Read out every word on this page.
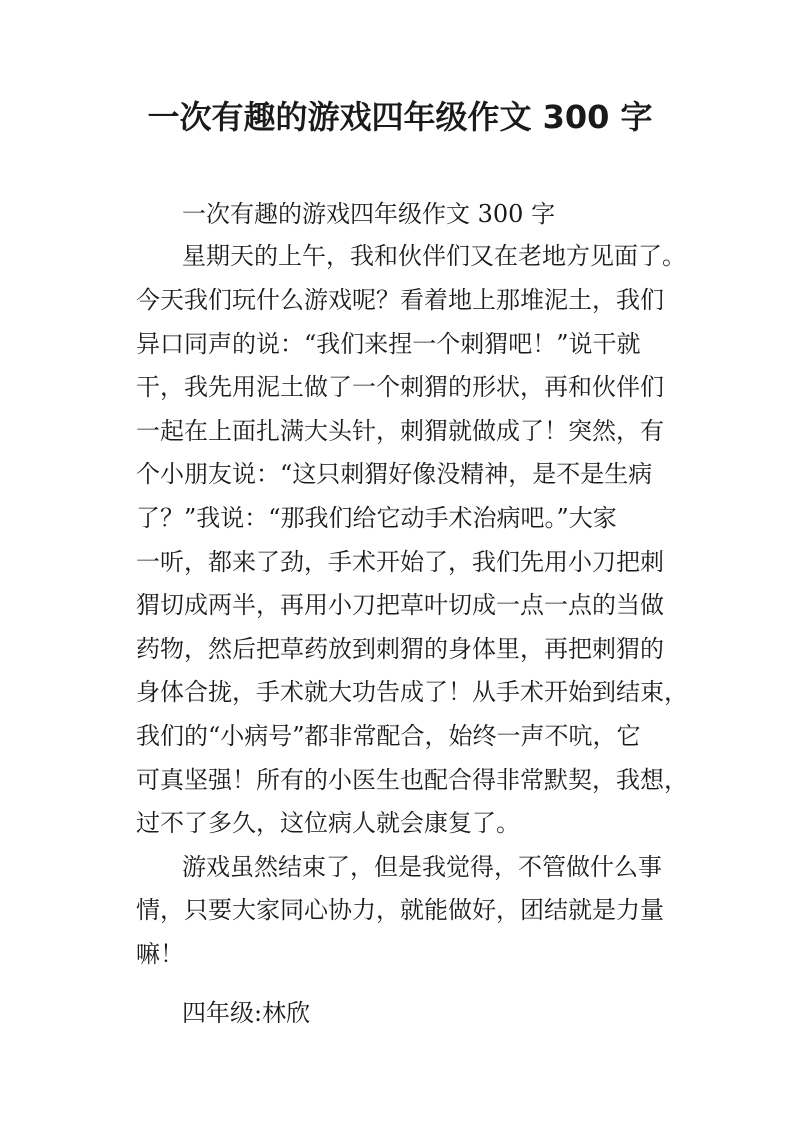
一次有趣的游戏四年级作文 300 字
一次有趣的游戏四年级作文 300 字
星期天的上午，我和伙伴们又在老地方见面了。
今天我们玩什么游戏呢？看着地上那堆泥土，我们
异口同声的说：“我们来捏一个刺猬吧！”说干就
干，我先用泥土做了一个刺猬的形状，再和伙伴们
一起在上面扎满大头针，刺猬就做成了！突然，有
个小朋友说：“这只刺猬好像没精神，是不是生病
了？”我说：“那我们给它动手术治病吧。”大家
一听，都来了劲，手术开始了，我们先用小刀把刺
猬切成两半，再用小刀把草叶切成一点一点的当做
药物，然后把草药放到刺猬的身体里，再把刺猬的
身体合拢，手术就大功告成了！从手术开始到结束，
我们的“小病号”都非常配合，始终一声不吭，它
可真坚强！所有的小医生也配合得非常默契，我想，
过不了多久，这位病人就会康复了。
游戏虽然结束了，但是我觉得，不管做什么事
情，只要大家同心协力，就能做好，团结就是力量
嘛！
四年级:林欣
